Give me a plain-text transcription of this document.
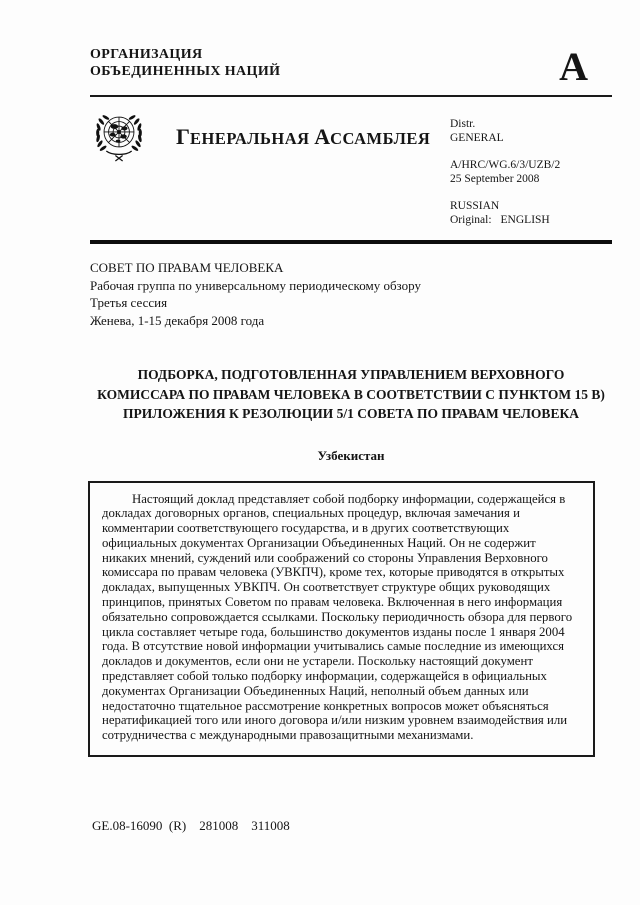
ОРГАНИЗАЦИЯ
ОБЪЕДИНЕННЫХ НАЦИЙ	A
ГЕНЕРАЛЬНАЯ АССАМБЛЕЯ
Distr.
GENERAL
A/HRC/WG.6/3/UZB/2
25 September 2008
RUSSIAN
Original: ENGLISH
СОВЕТ ПО ПРАВАМ ЧЕЛОВЕКА
Рабочая группа по универсальному периодическому обзору
Третья сессия
Женева, 1-15 декабря 2008 года
ПОДБОРКА, ПОДГОТОВЛЕННАЯ УПРАВЛЕНИЕМ ВЕРХОВНОГО
КОМИССАРА ПО ПРАВАМ ЧЕЛОВЕКА В СООТВЕТСТВИИ С ПУНКТОМ 15 В)
ПРИЛОЖЕНИЯ К РЕЗОЛЮЦИИ 5/1 СОВЕТА ПО ПРАВАМ ЧЕЛОВЕКА
Узбекистан

Настоящий доклад представляет собой подборку информации, содержащейся в докладах договорных органов, специальных процедур, включая замечания и комментарии соответствующего государства, и в других соответствующих официальных документах Организации Объединенных Наций. Он не содержит никаких мнений, суждений или соображений со стороны Управления Верховного комиссара по правам человека (УВКПЧ), кроме тех, которые приводятся в открытых докладах, выпущенных УВКПЧ. Он соответствует структуре общих руководящих принципов, принятых Советом по правам человека. Включенная в него информация обязательно сопровождается ссылками. Поскольку периодичность обзора для первого цикла составляет четыре года, большинство документов изданы после 1 января 2004 года. В отсутствие новой информации учитывались самые последние из имеющихся докладов и документов, если они не устарели. Поскольку настоящий документ представляет собой только подборку информации, содержащейся в официальных документах Организации Объединенных Наций, неполный объем данных или недостаточно тщательное рассмотрение конкретных вопросов может объясняться нератификацией того или иного договора и/или низким уровнем взаимодействия или сотрудничества с международными правозащитными механизмами.

GE.08-16090  (R)    281008    311008
